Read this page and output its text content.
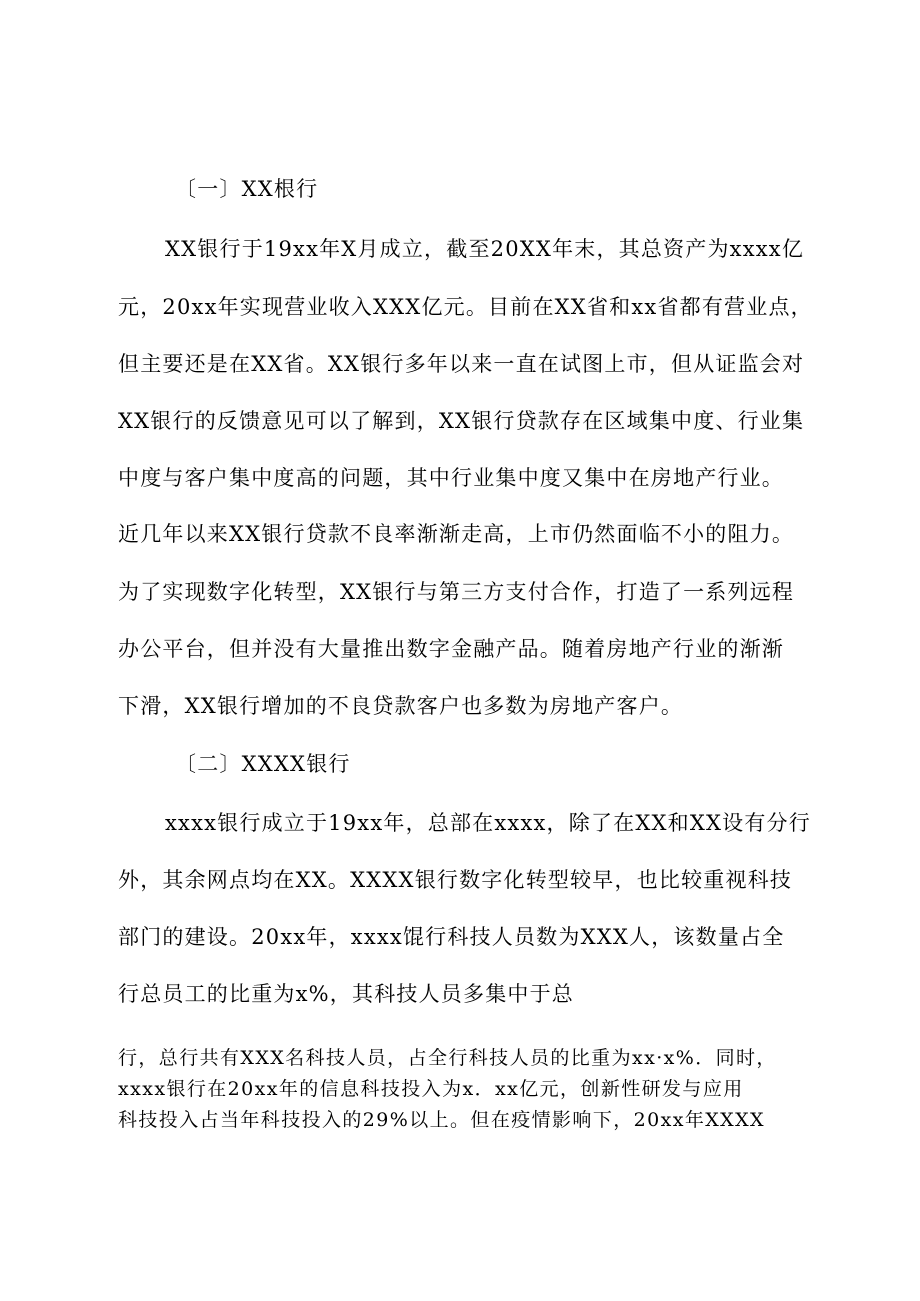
〔一〕XX根行
XX银行于19xx年X月成立，截至20XX年末，其总资产为xxxx亿
元，20xx年实现营业收入XXX亿元。目前在XX省和xx省都有营业点，
但主要还是在XX省。XX银行多年以来一直在试图上市，但从证监会对
XX银行的反馈意见可以了解到，XX银行贷款存在区域集中度、行业集
中度与客户集中度高的问题，其中行业集中度又集中在房地产行业。
近几年以来XX银行贷款不良率渐渐走高，上市仍然面临不小的阻力。
为了实现数字化转型，XX银行与第三方支付合作，打造了一系列远程
办公平台，但并没有大量推出数字金融产品。随着房地产行业的渐渐
下滑，XX银行增加的不良贷款客户也多数为房地产客户。
〔二〕XXXX银行
xxxx银行成立于19xx年，总部在xxxx，除了在XX和XX设有分行
外，其余网点均在XX。XXXX银行数字化转型较早，也比较重视科技
部门的建设。20xx年，xxxx馄行科技人员数为XXX人，该数量占全
行总员工的比重为x%，其科技人员多集中于总
行，总行共有XXX名科技人员，占全行科技人员的比重为xx·x%．同时，
xxxx银行在20xx年的信息科技投入为x．xx亿元，创新性研发与应用
科技投入占当年科技投入的29%以上。但在疫情影响下，20xx年XXXX
